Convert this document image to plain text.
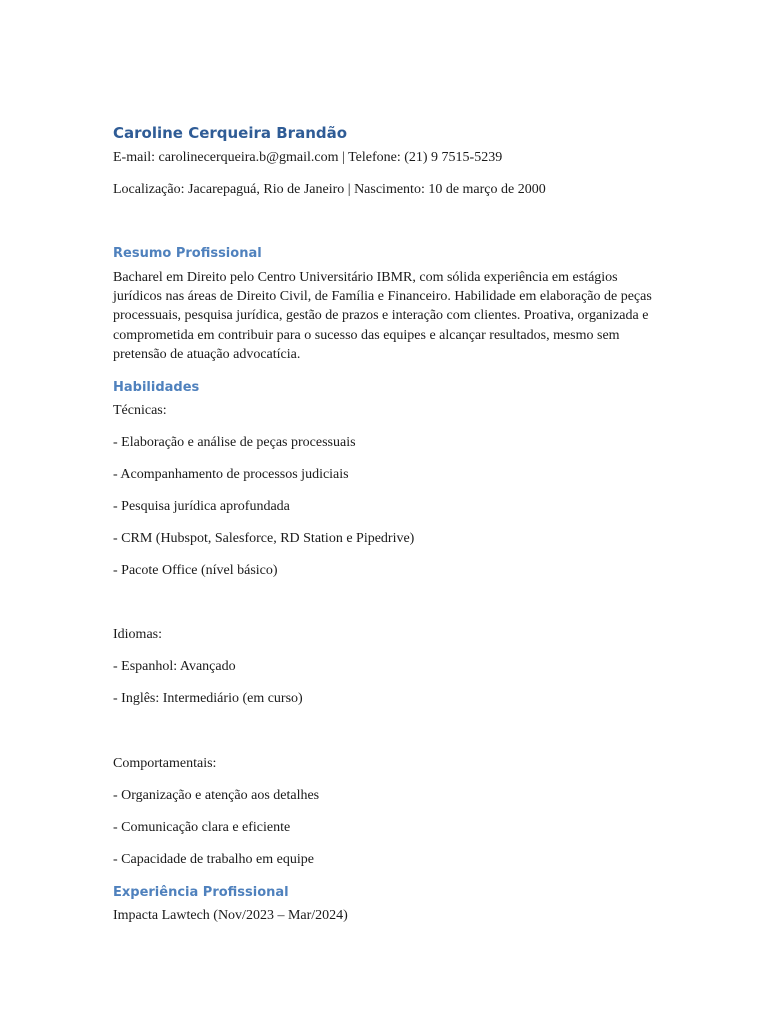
Caroline Cerqueira Brandão
E-mail: carolinecerqueira.b@gmail.com | Telefone: (21) 9 7515-5239
Localização: Jacarepaguá, Rio de Janeiro | Nascimento: 10 de março de 2000
Resumo Profissional
Bacharel em Direito pelo Centro Universitário IBMR, com sólida experiência em estágios jurídicos nas áreas de Direito Civil, de Família e Financeiro. Habilidade em elaboração de peças processuais, pesquisa jurídica, gestão de prazos e interação com clientes. Proativa, organizada e comprometida em contribuir para o sucesso das equipes e alcançar resultados, mesmo sem pretensão de atuação advocatícia.
Habilidades
Técnicas:
- Elaboração e análise de peças processuais
- Acompanhamento de processos judiciais
- Pesquisa jurídica aprofundada
- CRM (Hubspot, Salesforce, RD Station e Pipedrive)
- Pacote Office (nível básico)
Idiomas:
- Espanhol: Avançado
- Inglês: Intermediário (em curso)
Comportamentais:
- Organização e atenção aos detalhes
- Comunicação clara e eficiente
- Capacidade de trabalho em equipe
Experiência Profissional
Impacta Lawtech (Nov/2023 – Mar/2024)
